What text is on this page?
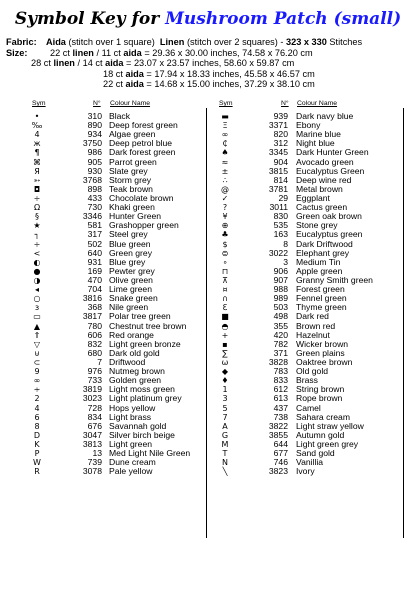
Symbol Key for Mushroom Patch (small)
Fabric: Aida (stitch over 1 square) Linen (stitch over 2 squares) - 323 x 330 Stitches
Size: 22 ct linen / 11 ct aida = 29.36 x 30.00 inches, 74.58 x 76.20 cm
28 ct linen / 14 ct aida = 23.07 x 23.57 inches, 58.60 x 59.87 cm
18 ct aida = 17.94 x 18.33 inches, 45.58 x 46.57 cm
22 ct aida = 14.68 x 15.00 inches, 37.29 x 38.10 cm
Sym	N° Colour Name	Sym	N° Colour Name
•	310 Black
‰	890 Deep forest green
4	934 Algae green
ж	3750 Deep petrol blue
¶	986 Dark forest green
⌘	905 Parrot green
Я	930 Slate grey
➳	3768 Storm grey
◘	898 Teak brown
÷	433 Chocolate brown
Ω	730 Khaki green
§	3346 Hunter Green
★	581 Grashopper green
┐	317 Steel grey
÷	502 Blue green
<	640 Green grey
◐	931 Blue grey
●	169 Pewter grey
◑	470 Olive green
◂	704 Lime green
○	3816 Snake green
ɜ	368 Nile green
▭	3817 Polar tree green
▲	780 Chestnut tree brown
⇑	606 Red orange
▽	832 Light green bronze
⊍	680 Dark old gold
⊂	7 Driftwood
9	976 Nutmeg brown
∞	733 Golden green
∻	3819 Light moss green
2	3023 Light platinum grey
4	728 Hops yellow
6	834 Light brass
8	676 Savannah gold
D	3047 Silver birch beige
K	3813 Light green
P	13 Med Light Nile Green
W	739 Dune cream
R	3078 Pale yellow
▬	939 Dark navy blue
Ξ	3371 Ebony
∞	820 Marine blue
₵	312 Night blue
♠	3345 Dark Hunter Green
≈	904 Avocado green
±	3815 Eucalyptus Green
∴	814 Deep wine red
@	3781 Metal brown
✓	29 Eggplant
?	3011 Cactus green
¥	830 Green oak brown
⊕	535 Stone grey
♣	163 Eucalyptus green
$	8 Dark Driftwood
⊜	3022 Elephant grey
∘	3 Medium Tin
⊓	906 Apple green
⊼	907 Granny Smith green
¤	988 Forest green
∩	989 Fennel green
ℇ	503 Thyme green
■	498 Dark red
◓	355 Brown red
+	420 Hazelnut
▪	782 Wicker brown
∑	371 Green plains
ω	3828 Oaktree brown
◆	783 Old gold
♦	833 Brass
1	612 String brown
3	613 Rope brown
5	437 Camel
7	738 Sahara cream
A	3822 Light straw yellow
G	3855 Autumn gold
M	644 Light green grey
T	677 Sand gold
N	746 Vanillia
╲	3823 Ivory
